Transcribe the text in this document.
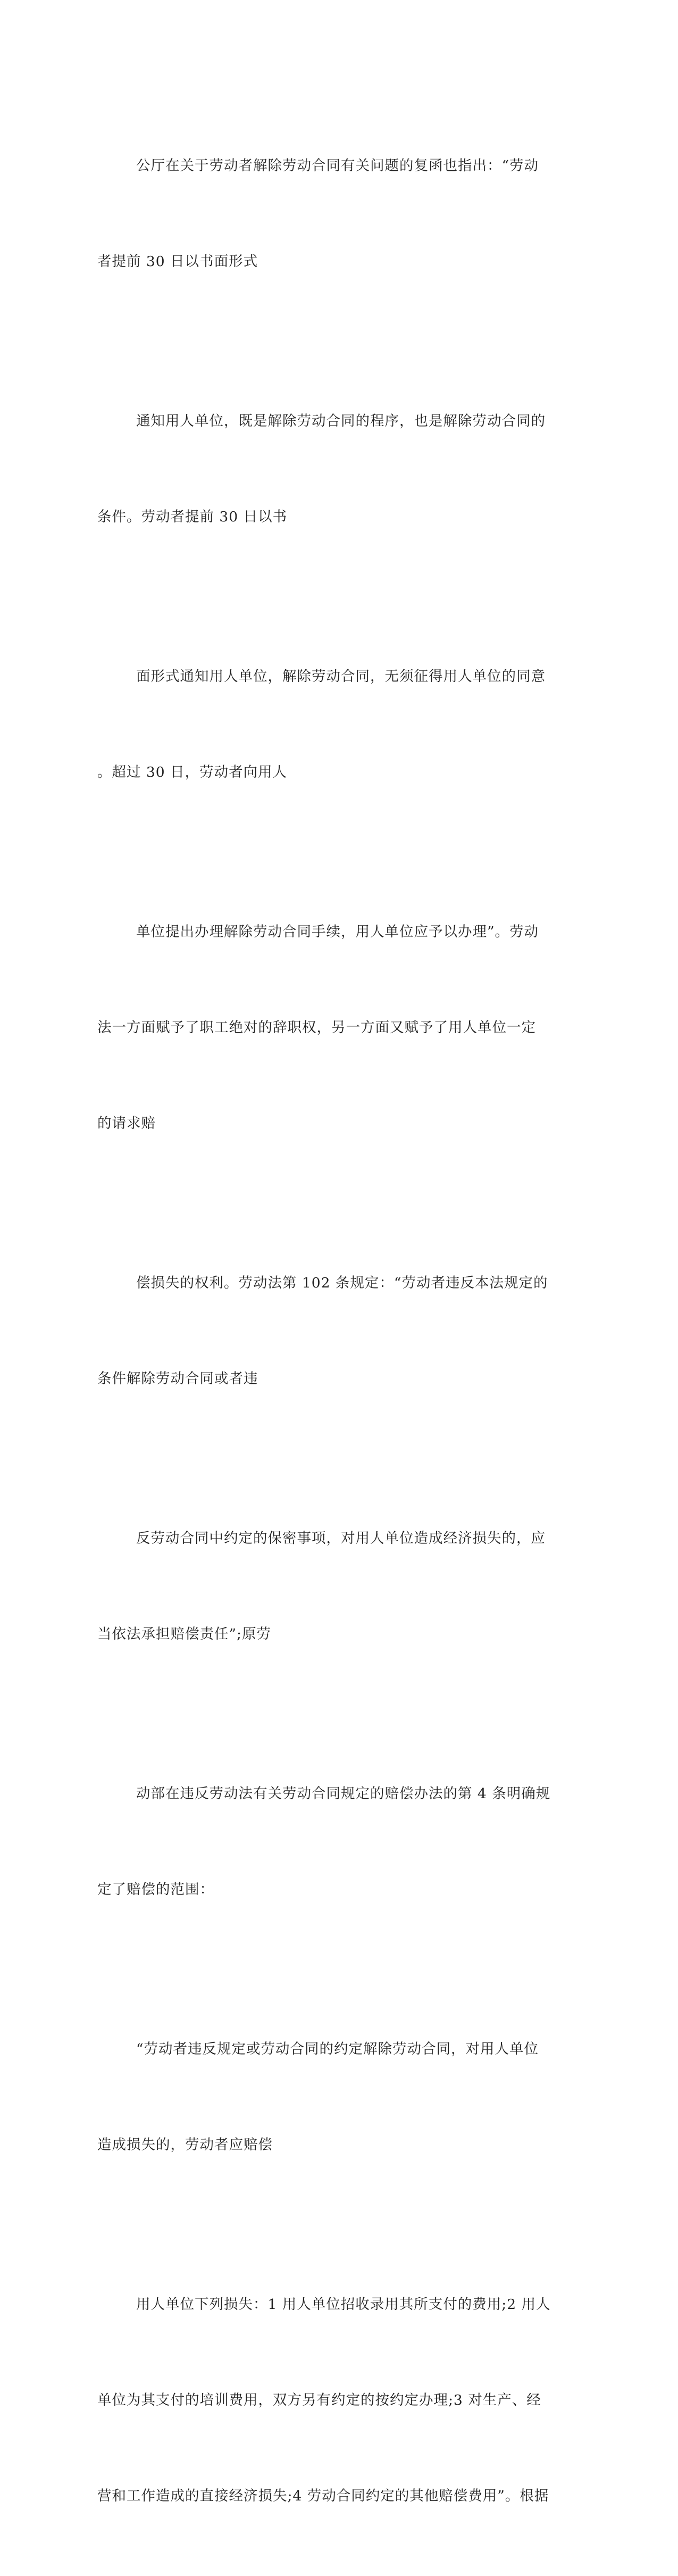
公厅在关于劳动者解除劳动合同有关问题的复函也指出：“劳动

者提前 30 日以书面形式

通知用人单位，既是解除劳动合同的程序，也是解除劳动合同的

条件。劳动者提前 30 日以书

面形式通知用人单位，解除劳动合同，无须征得用人单位的同意

。超过 30 日，劳动者向用人

单位提出办理解除劳动合同手续，用人单位应予以办理”。劳动

法一方面赋予了职工绝对的辞职权，另一方面又赋予了用人单位一定

的请求赔

偿损失的权利。劳动法第 102 条规定：“劳动者违反本法规定的

条件解除劳动合同或者违

反劳动合同中约定的保密事项，对用人单位造成经济损失的，应

当依法承担赔偿责任”;原劳

动部在违反劳动法有关劳动合同规定的赔偿办法的第 4 条明确规

定了赔偿的范围：

“劳动者违反规定或劳动合同的约定解除劳动合同，对用人单位

造成损失的，劳动者应赔偿

用人单位下列损失：1 用人单位招收录用其所支付的费用;2 用人

单位为其支付的培训费用，双方另有约定的按约定办理;3 对生产、经

营和工作造成的直接经济损失;4 劳动合同约定的其他赔偿费用”。根据
